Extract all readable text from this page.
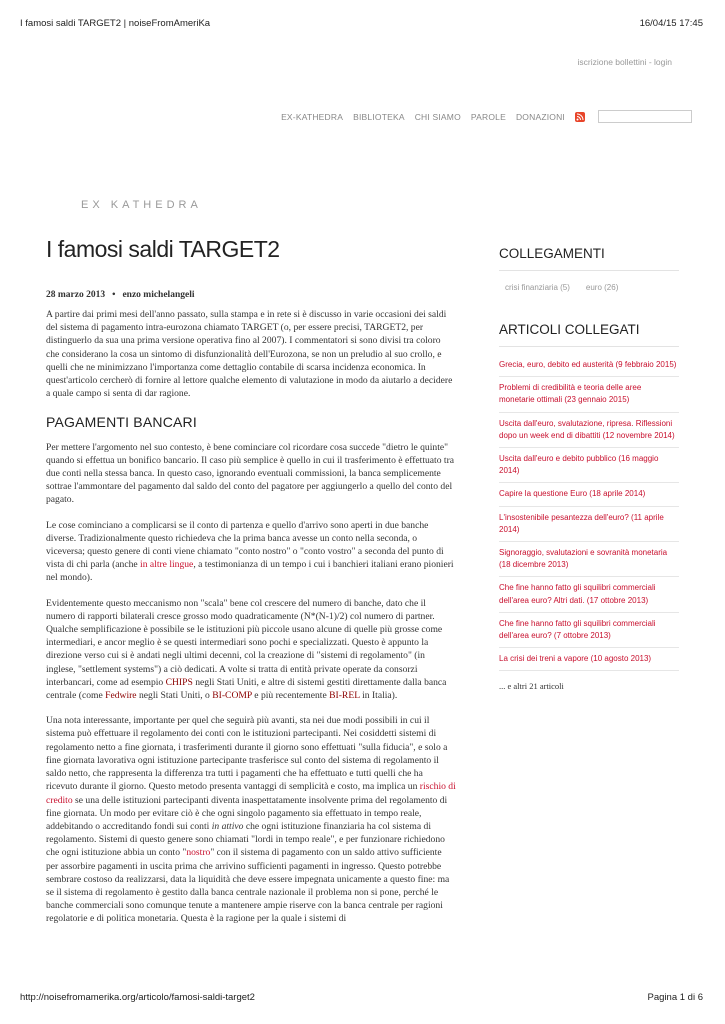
I famosi saldi TARGET2 | noiseFromAmeriKa	16/04/15 17:45
iscrizione bollettini - login
EX-KATHEDRA BIBLIOTEKA CHI SIAMO PAROLE DONAZIONI
EX KATHEDRA
I famosi saldi TARGET2
28 marzo 2013 • enzo michelangeli

A partire dai primi mesi dell'anno passato, sulla stampa e in rete si è discusso in varie occasioni dei saldi del sistema di pagamento intra-eurozona chiamato TARGET (o, per essere precisi, TARGET2, per distinguerlo da sua una prima versione operativa fino al 2007). I commentatori si sono divisi tra coloro che considerano la cosa un sintomo di disfunzionalità dell'Eurozona, se non un preludio al suo crollo, e quelli che ne minimizzano l'importanza come dettaglio contabile di scarsa incidenza economica. In quest'articolo cercherò di fornire al lettore qualche elemento di valutazione in modo da aiutarlo a decidere a quale campo si senta di dar ragione.

PAGAMENTI BANCARI

Per mettere l'argomento nel suo contesto, è bene cominciare col ricordare cosa succede "dietro le quinte" quando si effettua un bonifico bancario. Il caso più semplice è quello in cui il trasferimento è effettuato tra due conti nella stessa banca. In questo caso, ignorando eventuali commissioni, la banca semplicemente sottrae l'ammontare del pagamento dal saldo del conto del pagatore per aggiungerlo a quello del conto del pagato.

Le cose cominciano a complicarsi se il conto di partenza e quello d'arrivo sono aperti in due banche diverse. Tradizionalmente questo richiedeva che la prima banca avesse un conto nella seconda, o viceversa; questo genere di conti viene chiamato "conto nostro" o "conto vostro" a seconda del punto di vista di chi parla (anche in altre lingue, a testimonianza di un tempo i cui i banchieri italiani erano pionieri nel mondo).

Evidentemente questo meccanismo non "scala" bene col crescere del numero di banche, dato che il numero di rapporti bilaterali cresce grosso modo quadraticamente (N*(N-1)/2) col numero di partner. Qualche semplificazione è possibile se le istituzioni più piccole usano alcune di quelle più grosse come intermediari, e ancor meglio è se questi intermediari sono pochi e specializzati. Questo è appunto la direzione verso cui si è andati negli ultimi decenni, col la creazione di "sistemi di regolamento" (in inglese, "settlement systems") a ciò dedicati. A volte si tratta di entità private operate da consorzi interbancari, come ad esempio CHIPS negli Stati Uniti, e altre di sistemi gestiti direttamente dalla banca centrale (come Fedwire negli Stati Uniti, o BI-COMP e più recentemente BI-REL in Italia).

Una nota interessante, importante per quel che seguirà più avanti, sta nei due modi possibili in cui il sistema può effettuare il regolamento dei conti con le istituzioni partecipanti. Nei cosiddetti sistemi di regolamento netto a fine giornata, i trasferimenti durante il giorno sono effettuati "sulla fiducia", e solo a fine giornata lavorativa ogni istituzione partecipante trasferisce sul conto del sistema di regolamento il saldo netto, che rappresenta la differenza tra tutti i pagamenti che ha effettuato e tutti quelli che ha ricevuto durante il giorno. Questo metodo presenta vantaggi di semplicità e costo, ma implica un rischio di credito se una delle istituzioni partecipanti diventa inaspettatamente insolvente prima del regolamento di fine giornata. Un modo per evitare ciò è che ogni singolo pagamento sia effettuato in tempo reale, addebitando o accreditando fondi sui conti in attivo che ogni istituzione finanziaria ha col sistema di regolamento. Sistemi di questo genere sono chiamati "lordi in tempo reale", e per funzionare richiedono che ogni istituzione abbia un conto "nostro" con il sistema di pagamento con un saldo attivo sufficiente per assorbire pagamenti in uscita prima che arrivino sufficienti pagamenti in ingresso. Questo potrebbe sembrare costoso da realizzarsi, data la liquidità che deve essere impegnata unicamente a questo fine: ma se il sistema di regolamento è gestito dalla banca centrale nazionale il problema non si pone, perché le banche commerciali sono comunque tenute a mantenere ampie riserve con la banca centrale per ragioni regolatorie e di politica monetaria. Questa è la ragione per la quale i sistemi di

COLLEGAMENTI
crisi finanziaria (5) euro (26)
ARTICOLI COLLEGATI
Grecia, euro, debito ed austerità (9 febbraio 2015)
Problemi di credibilità e teoria delle aree monetarie ottimali (23 gennaio 2015)
Uscita dall'euro, svalutazione, ripresa. Riflessioni dopo un week end di dibattiti (12 novembre 2014)
Uscita dall'euro e debito pubblico (16 maggio 2014)
Capire la questione Euro (18 aprile 2014)
L'insostenibile pesantezza dell'euro? (11 aprile 2014)
Signoraggio, svalutazioni e sovranità monetaria (18 dicembre 2013)
Che fine hanno fatto gli squilibri commerciali dell'area euro? Altri dati. (17 ottobre 2013)
Che fine hanno fatto gli squilibri commerciali dell'area euro? (7 ottobre 2013)
La crisi dei treni a vapore (10 agosto 2013)
... e altri 21 articoli
http://noisefromamerika.org/articolo/famosi-saldi-target2	Pagina 1 di 6
